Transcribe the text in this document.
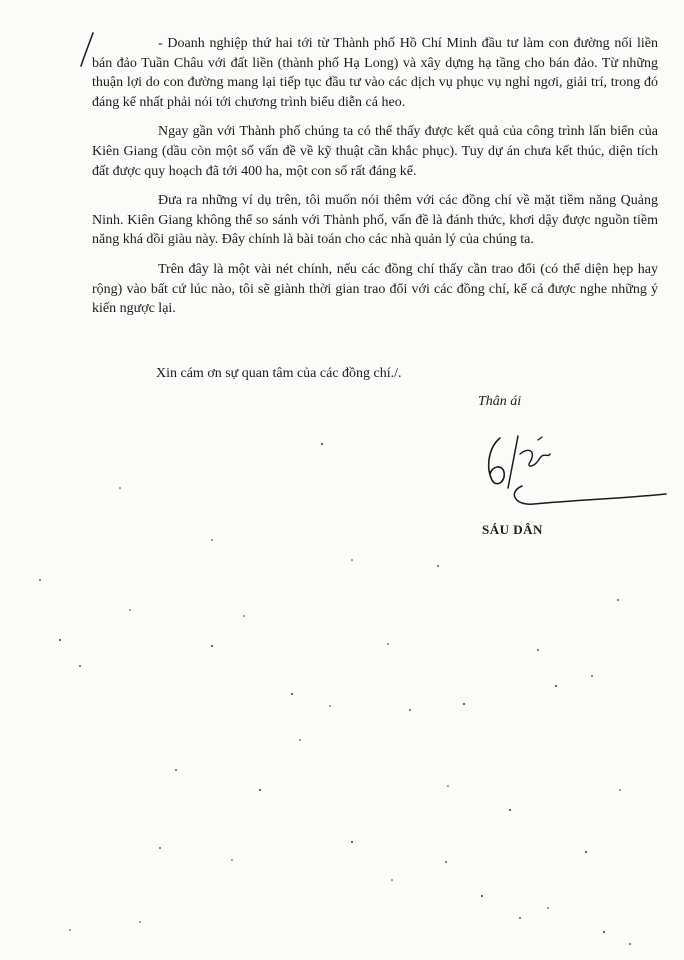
- Doanh nghiệp thứ hai tới từ Thành phố Hồ Chí Minh đầu tư làm con đường nối liền bán đảo Tuần Châu với đất liền (thành phố Hạ Long) và xây dựng hạ tầng cho bán đảo. Từ những thuận lợi do con đường mang lại tiếp tục đầu tư vào các dịch vụ phục vụ nghỉ ngơi, giải trí, trong đó đáng kể nhất phải nói tới chương trình biểu diễn cá heo.

Ngay gần với Thành phố chúng ta có thể thấy được kết quả của công trình lấn biển của Kiên Giang (dầu còn một số vấn đề về kỹ thuật cần khắc phục). Tuy dự án chưa kết thúc, diện tích đất được quy hoạch đã tới 400 ha, một con số rất đáng kể.

Đưa ra những ví dụ trên, tôi muốn nói thêm với các đồng chí về mặt tiềm năng Quảng Ninh. Kiên Giang không thể so sánh với Thành phố, vấn đề là đánh thức, khơi dậy được nguồn tiềm năng khá dồi giàu này. Đây chính là bài toán cho các nhà quản lý của chúng ta.

Trên đây là một vài nét chính, nếu các đồng chí thấy cần trao đổi (có thể diện hẹp hay rộng) vào bất cứ lúc nào, tôi sẽ giành thời gian trao đổi với các đồng chí, kể cả được nghe những ý kiến ngược lại.

Xin cám ơn sự quan tâm của các đồng chí./.
Thân ái
SÁU DÂN
